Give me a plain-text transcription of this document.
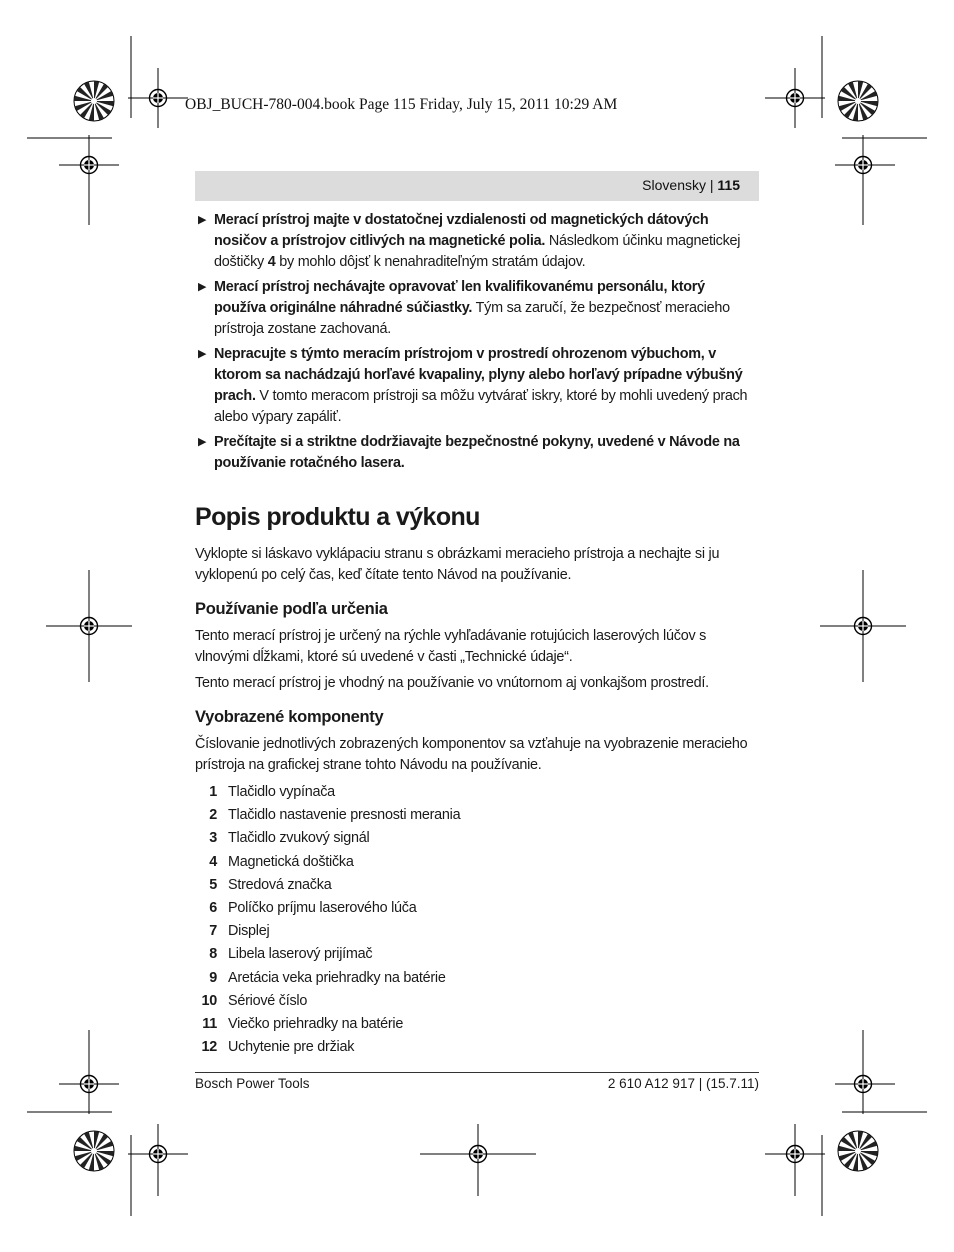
OBJ_BUCH-780-004.book Page 115 Friday, July 15, 2011 10:29 AM
Slovensky | 115
▶ Merací prístroj majte v dostatočnej vzdialenosti od magnetických dátových nosičov a prístrojov citlivých na magnetické polia. Následkom účinku magnetickej doštičky 4 by mohlo dôjsť k nenahraditeľným stratám údajov.
▶ Merací prístroj nechávajte opravovať len kvalifikovanému personálu, ktorý používa originálne náhradné súčiastky. Tým sa zaručí, že bezpečnosť meracieho prístroja zostane zachovaná.
▶ Nepracujte s týmto meracím prístrojom v prostredí ohrozenom výbuchom, v ktorom sa nachádzajú horľavé kvapaliny, plyny alebo horľavý prípadne výbušný prach. V tomto meracom prístroji sa môžu vytvárať iskry, ktoré by mohli uvedený prach alebo výpary zapáliť.
▶ Prečítajte si a striktne dodržiavajte bezpečnostné pokyny, uvedené v Návode na používanie rotačného lasera.
Popis produktu a výkonu

Vyklopte si láskavo vyklápaciu stranu s obrázkami meracieho prístroja a nechajte si ju vyklopenú po celý čas, keď čítate tento Návod na používanie.

Používanie podľa určenia

Tento merací prístroj je určený na rýchle vyhľadávanie rotujúcich laserových lúčov s vlnovými dĺžkami, ktoré sú uvedené v časti „Technické údaje“.

Tento merací prístroj je vhodný na používanie vo vnútornom aj vonkajšom prostredí.

Vyobrazené komponenty

Číslovanie jednotlivých zobrazených komponentov sa vzťahuje na vyobrazenie meracieho prístroja na grafickej strane tohto Návodu na používanie.

1 Tlačidlo vypínača
2 Tlačidlo nastavenie presnosti merania
3 Tlačidlo zvukový signál
4 Magnetická doštička
5 Stredová značka
6 Políčko príjmu laserového lúča
7 Displej
8 Libela laserový prijímač
9 Aretácia veka priehradky na batérie
10 Sériové číslo
11 Viečko priehradky na batérie
12 Uchytenie pre držiak
Bosch Power Tools	2 610 A12 917 | (15.7.11)
